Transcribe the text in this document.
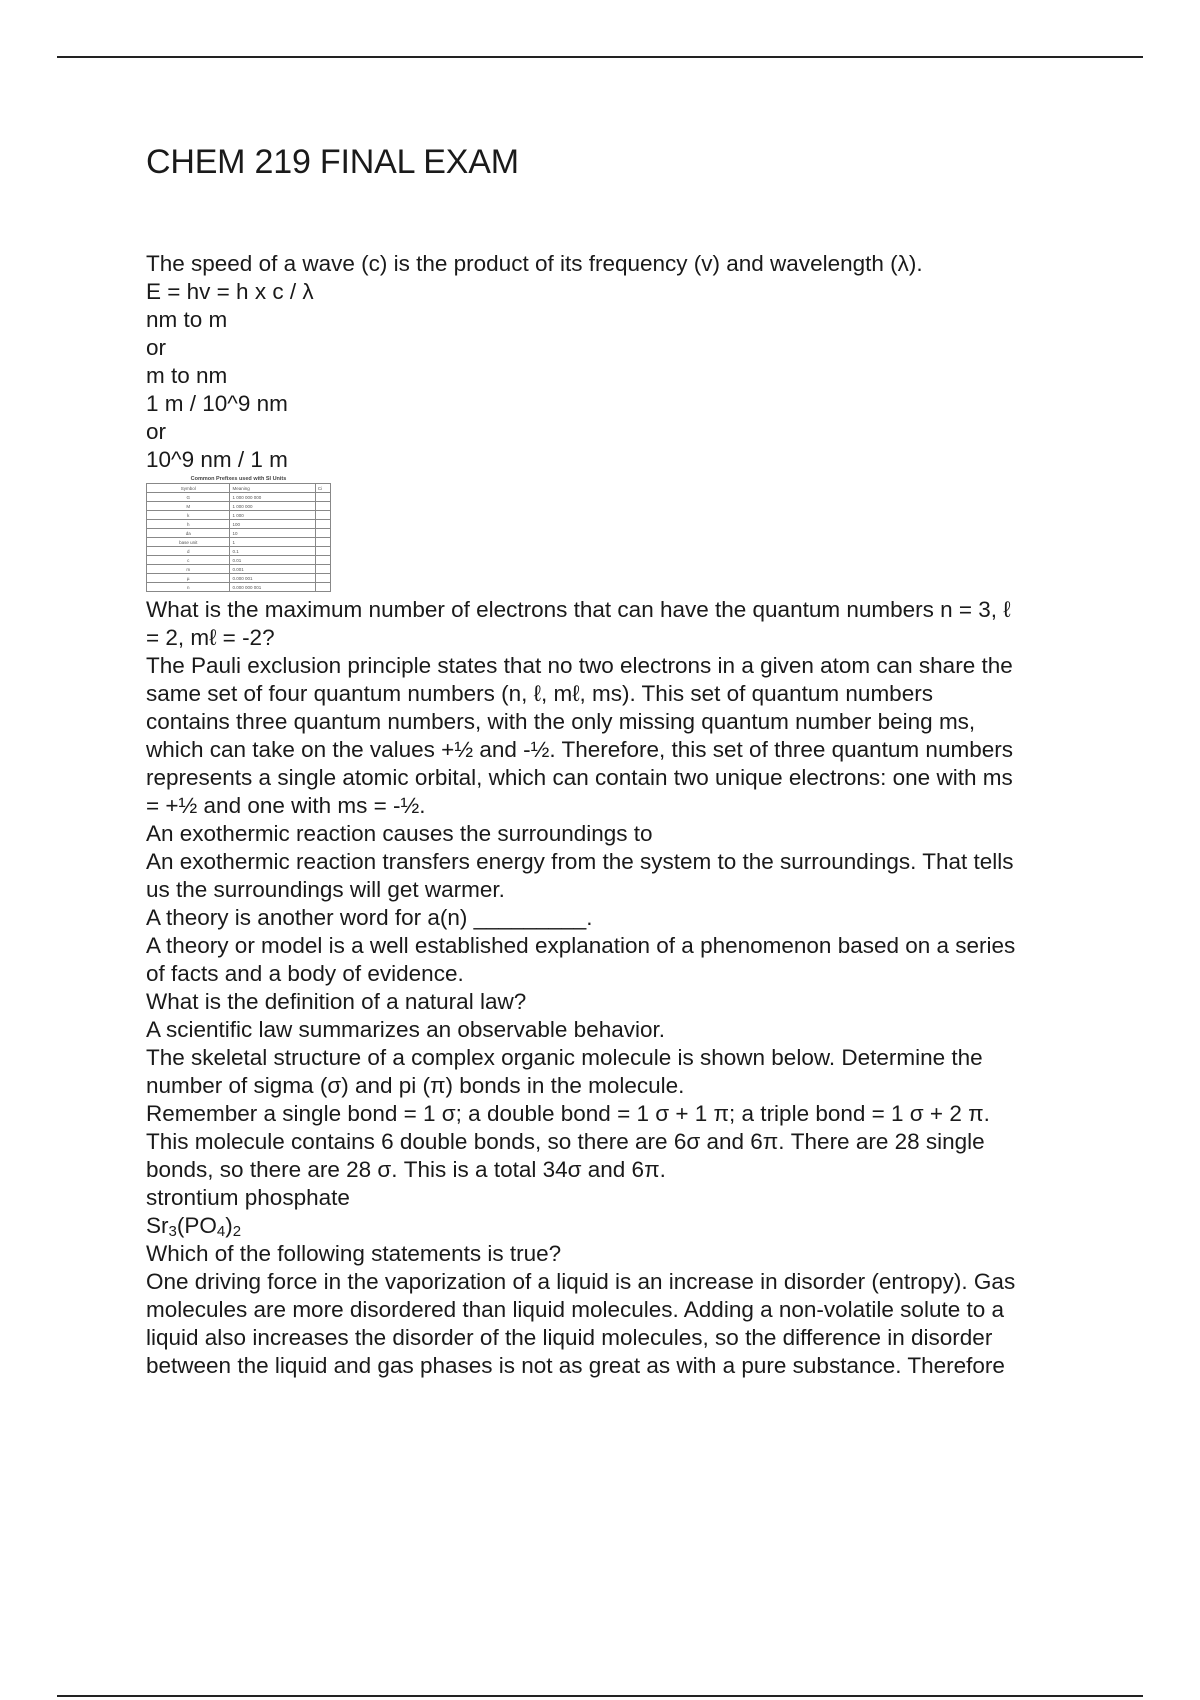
CHEM 219 FINAL EXAM

The speed of a wave (c) is the product of its frequency (v) and wavelength (λ).

E = hv = h x c / λ

nm to m

or

m to nm

1 m / 10^9 nm

or

10^9 nm / 1 m

Common Prefixes used with SI Units
Symbol	Meaning	Ci
G	1 000 000 000	
M	1 000 000	
k	1 000	
h	100	
da	10	
base unit	1	
d	0.1	
c	0.01	
m	0.001	
µ	0.000 001	
n	0.000 000 001	

What is the maximum number of electrons that can have the quantum numbers n = 3, ℓ

= 2, mℓ = -2?

The Pauli exclusion principle states that no two electrons in a given atom can share the

same set of four quantum numbers (n, ℓ, mℓ, ms). This set of quantum numbers

contains three quantum numbers, with the only missing quantum number being ms,

which can take on the values +½ and -½. Therefore, this set of three quantum numbers

represents a single atomic orbital, which can contain two unique electrons: one with ms

= +½ and one with ms = -½.

An exothermic reaction causes the surroundings to

An exothermic reaction transfers energy from the system to the surroundings. That tells

us the surroundings will get warmer.

A theory is another word for a(n) _________.

A theory or model is a well established explanation of a phenomenon based on a series

of facts and a body of evidence.

What is the definition of a natural law?

A scientific law summarizes an observable behavior.

The skeletal structure of a complex organic molecule is shown below. Determine the

number of sigma (σ) and pi (π) bonds in the molecule.

Remember a single bond = 1 σ; a double bond = 1 σ + 1 π; a triple bond = 1 σ + 2 π.

This molecule contains 6 double bonds, so there are 6σ and 6π. There are 28 single

bonds, so there are 28 σ. This is a total 34σ and 6π.

strontium phosphate

$Sr_3(PO_4)_2$

Which of the following statements is true?

One driving force in the vaporization of a liquid is an increase in disorder (entropy). Gas

molecules are more disordered than liquid molecules. Adding a non-volatile solute to a

liquid also increases the disorder of the liquid molecules, so the difference in disorder

between the liquid and gas phases is not as great as with a pure substance. Therefore
